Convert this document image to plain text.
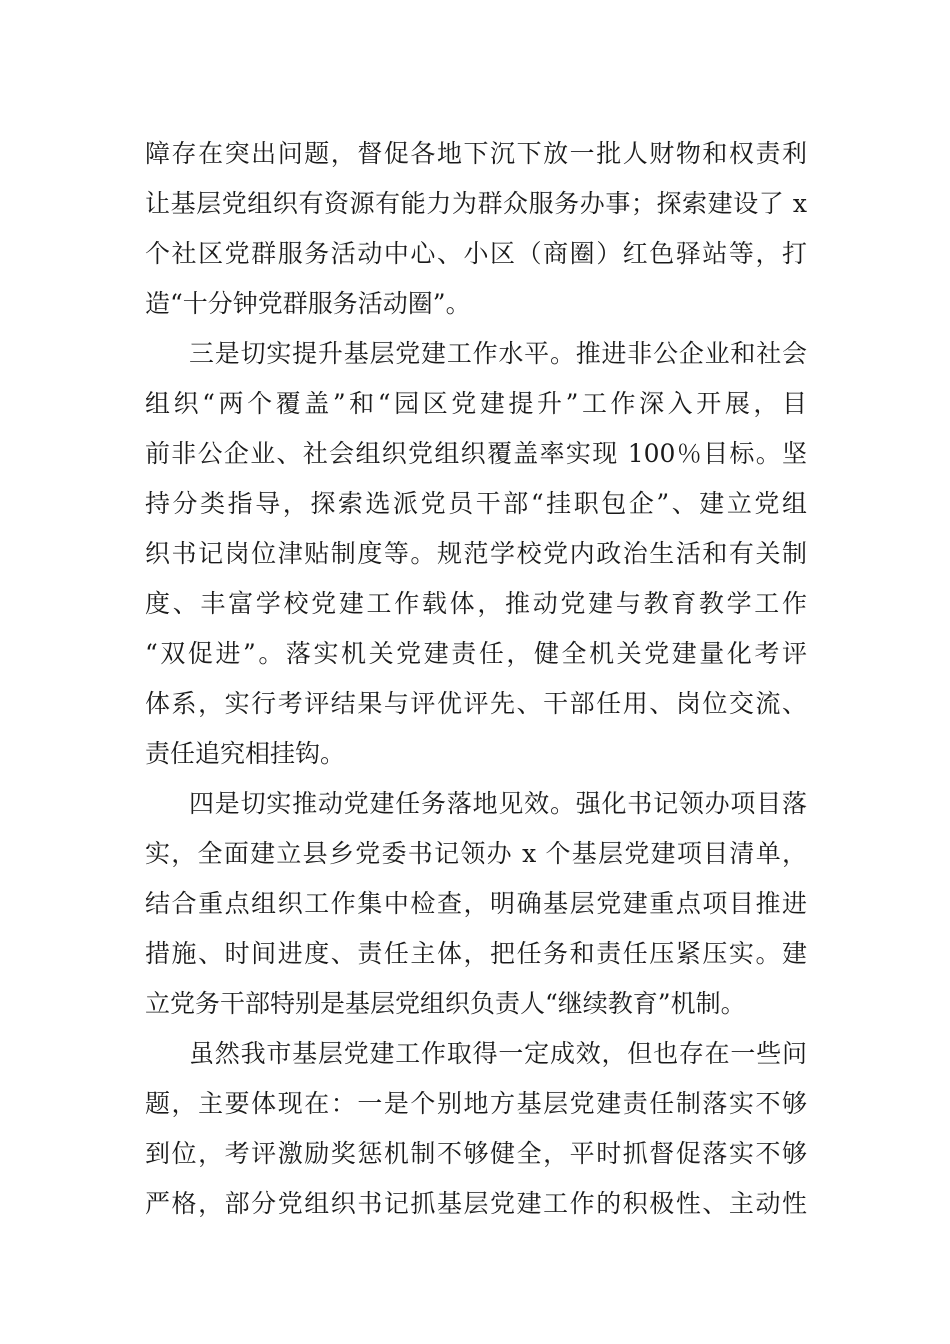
障存在突出问题，督促各地下沉下放一批人财物和权责利
让基层党组织有资源有能力为群众服务办事；探索建设了 x
个社区党群服务活动中心、小区（商圈）红色驿站等，打
造“十分钟党群服务活动圈”。
三是切实提升基层党建工作水平。推进非公企业和社会
组织“两个覆盖”和“园区党建提升”工作深入开展，目
前非公企业、社会组织党组织覆盖率实现 100％目标。坚
持分类指导，探索选派党员干部“挂职包企”、建立党组
织书记岗位津贴制度等。规范学校党内政治生活和有关制
度、丰富学校党建工作载体，推动党建与教育教学工作
“双促进”。落实机关党建责任，健全机关党建量化考评
体系，实行考评结果与评优评先、干部任用、岗位交流、
责任追究相挂钩。
四是切实推动党建任务落地见效。强化书记领办项目落
实，全面建立县乡党委书记领办 x 个基层党建项目清单，
结合重点组织工作集中检查，明确基层党建重点项目推进
措施、时间进度、责任主体，把任务和责任压紧压实。建
立党务干部特别是基层党组织负责人“继续教育”机制。
虽然我市基层党建工作取得一定成效，但也存在一些问
题，主要体现在：一是个别地方基层党建责任制落实不够
到位，考评激励奖惩机制不够健全，平时抓督促落实不够
严格，部分党组织书记抓基层党建工作的积极性、主动性
